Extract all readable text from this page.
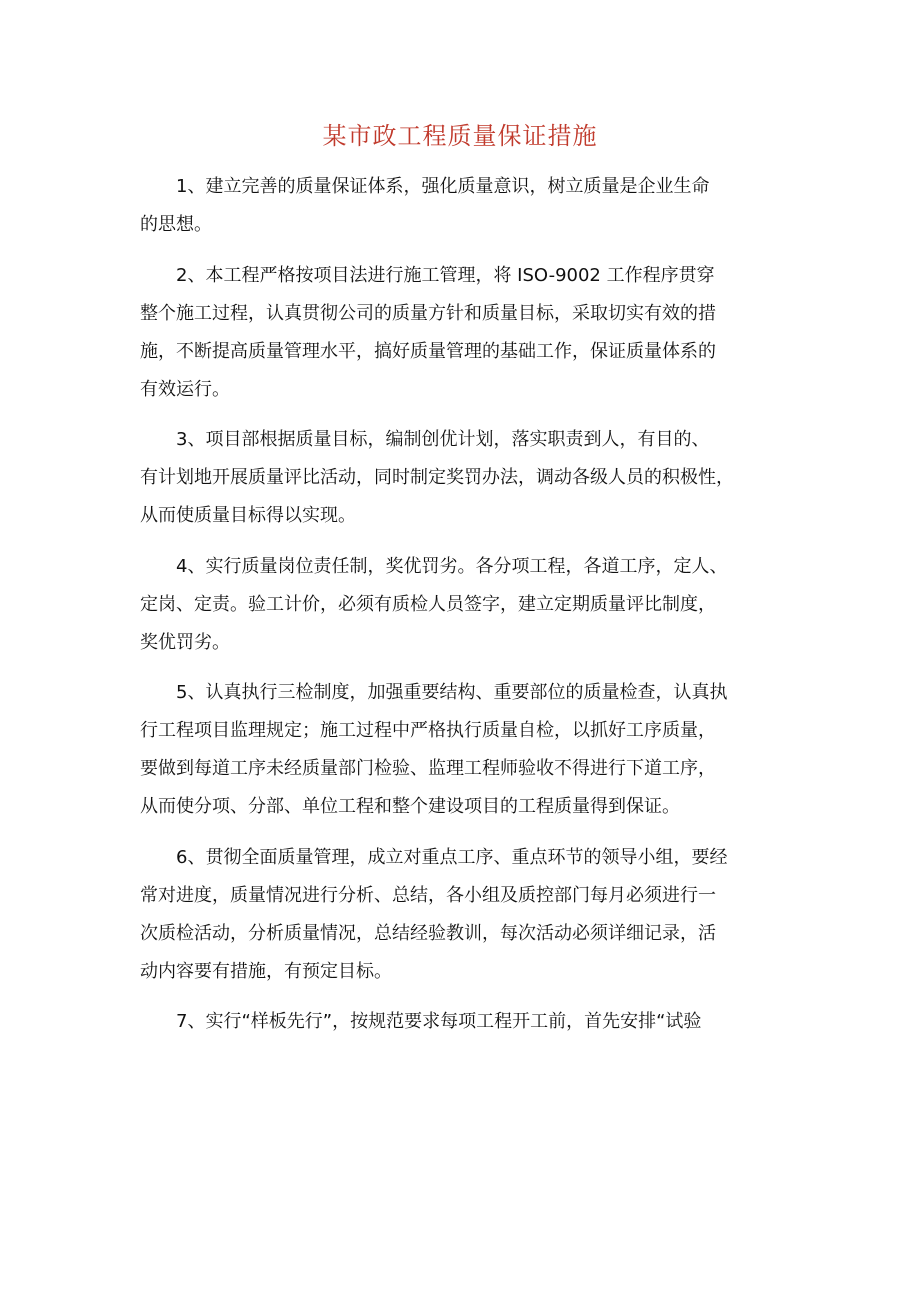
某市政工程质量保证措施

1、建立完善的质量保证体系，强化质量意识，树立质量是企业生命
的思想。

2、本工程严格按项目法进行施工管理，将 ISO-9002 工作程序贯穿
整个施工过程，认真贯彻公司的质量方针和质量目标，采取切实有效的措
施，不断提高质量管理水平，搞好质量管理的基础工作，保证质量体系的
有效运行。

3、项目部根据质量目标，编制创优计划，落实职责到人，有目的、
有计划地开展质量评比活动，同时制定奖罚办法，调动各级人员的积极性，
从而使质量目标得以实现。

4、实行质量岗位责任制，奖优罚劣。各分项工程，各道工序，定人、
定岗、定责。验工计价，必须有质检人员签字，建立定期质量评比制度，
奖优罚劣。

5、认真执行三检制度，加强重要结构、重要部位的质量检查，认真执
行工程项目监理规定；施工过程中严格执行质量自检，以抓好工序质量，
要做到每道工序未经质量部门检验、监理工程师验收不得进行下道工序，
从而使分项、分部、单位工程和整个建设项目的工程质量得到保证。

6、贯彻全面质量管理，成立对重点工序、重点环节的领导小组，要经
常对进度，质量情况进行分析、总结，各小组及质控部门每月必须进行一
次质检活动，分析质量情况，总结经验教训，每次活动必须详细记录，活
动内容要有措施，有预定目标。

7、实行“样板先行”，按规范要求每项工程开工前，首先安排“试验
